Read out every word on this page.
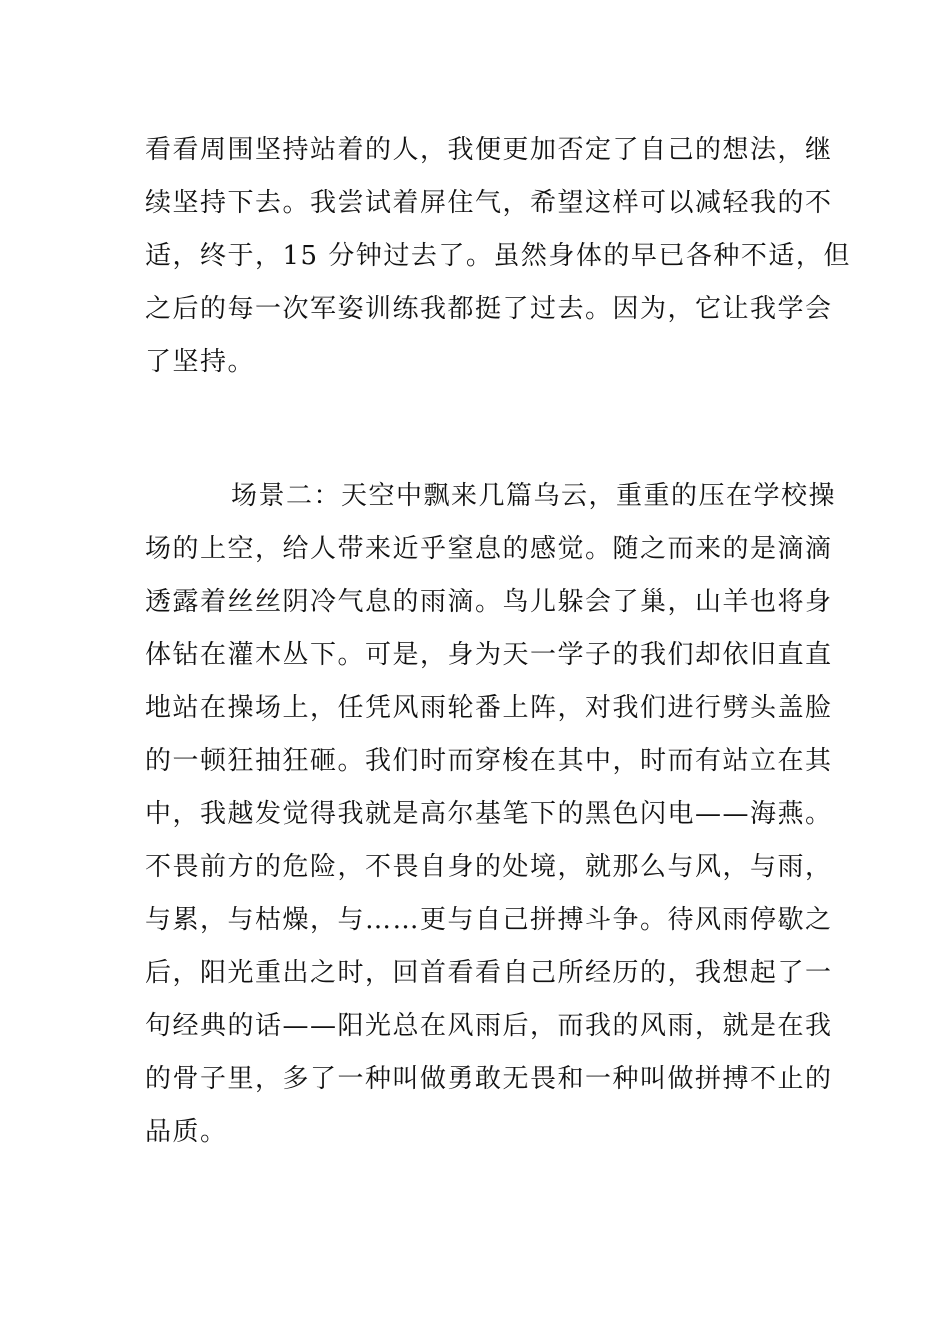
看看周围坚持站着的人，我便更加否定了自己的想法，继
续坚持下去。我尝试着屏住气，希望这样可以减轻我的不
适，终于，15 分钟过去了。虽然身体的早已各种不适，但
之后的每一次军姿训练我都挺了过去。因为，它让我学会
了坚持。

场景二：天空中飘来几篇乌云，重重的压在学校操
场的上空，给人带来近乎窒息的感觉。随之而来的是滴滴
透露着丝丝阴冷气息的雨滴。鸟儿躲会了巢，山羊也将身
体钻在灌木丛下。可是，身为天一学子的我们却依旧直直
地站在操场上，任凭风雨轮番上阵，对我们进行劈头盖脸
的一顿狂抽狂砸。我们时而穿梭在其中，时而有站立在其
中，我越发觉得我就是高尔基笔下的黑色闪电——海燕。
不畏前方的危险，不畏自身的处境，就那么与风，与雨，
与累，与枯燥，与……更与自己拼搏斗争。待风雨停歇之
后，阳光重出之时，回首看看自己所经历的，我想起了一
句经典的话——阳光总在风雨后，而我的风雨，就是在我
的骨子里，多了一种叫做勇敢无畏和一种叫做拼搏不止的
品质。
